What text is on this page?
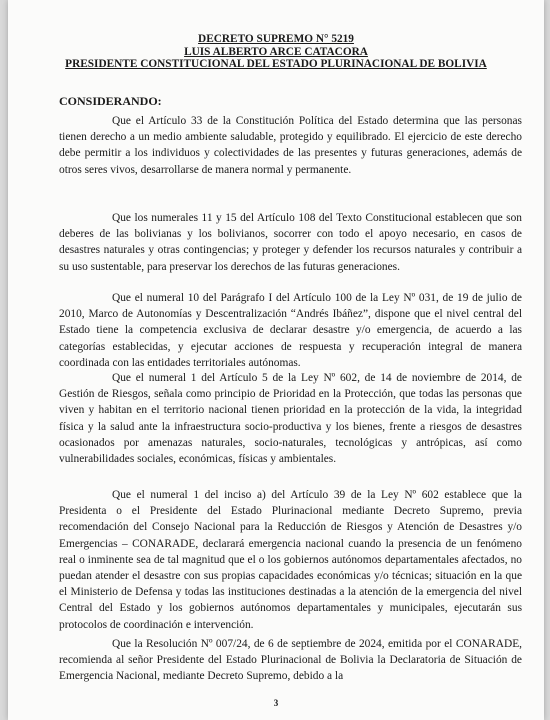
DECRETO SUPREMO N° 5219
LUIS ALBERTO ARCE CATACORA
PRESIDENTE CONSTITUCIONAL DEL ESTADO PLURINACIONAL DE BOLIVIA

CONSIDERANDO:

Que el Artículo 33 de la Constitución Política del Estado determina que las personas tienen derecho a un medio ambiente saludable, protegido y equilibrado. El ejercicio de este derecho debe permitir a los individuos y colectividades de las presentes y futuras generaciones, además de otros seres vivos, desarrollarse de manera normal y permanente.

Que los numerales 11 y 15 del Artículo 108 del Texto Constitucional establecen que son deberes de las bolivianas y los bolivianos, socorrer con todo el apoyo necesario, en casos de desastres naturales y otras contingencias; y proteger y defender los recursos naturales y contribuir a su uso sustentable, para preservar los derechos de las futuras generaciones.

Que el numeral 10 del Parágrafo I del Artículo 100 de la Ley Nº 031, de 19 de julio de 2010, Marco de Autonomías y Descentralización “Andrés Ibáñez”, dispone que el nivel central del Estado tiene la competencia exclusiva de declarar desastre y/o emergencia, de acuerdo a las categorías establecidas, y ejecutar acciones de respuesta y recuperación integral de manera coordinada con las entidades territoriales autónomas.

Que el numeral 1 del Artículo 5 de la Ley Nº 602, de 14 de noviembre de 2014, de Gestión de Riesgos, señala como principio de Prioridad en la Protección, que todas las personas que viven y habitan en el territorio nacional tienen prioridad en la protección de la vida, la integridad física y la salud ante la infraestructura socio-productiva y los bienes, frente a riesgos de desastres ocasionados por amenazas naturales, socio-naturales, tecnológicas y antrópicas, así como vulnerabilidades sociales, económicas, físicas y ambientales.

Que el numeral 1 del inciso a) del Artículo 39 de la Ley Nº 602 establece que la Presidenta o el Presidente del Estado Plurinacional mediante Decreto Supremo, previa recomendación del Consejo Nacional para la Reducción de Riesgos y Atención de Desastres y/o Emergencias – CONARADE, declarará emergencia nacional cuando la presencia de un fenómeno real o inminente sea de tal magnitud que el o los gobiernos autónomos departamentales afectados, no puedan atender el desastre con sus propias capacidades económicas y/o técnicas; situación en la que el Ministerio de Defensa y todas las instituciones destinadas a la atención de la emergencia del nivel Central del Estado y los gobiernos autónomos departamentales y municipales, ejecutarán sus protocolos de coordinación e intervención.

Que la Resolución Nº 007/24, de 6 de septiembre de 2024, emitida por el CONARADE, recomienda al señor Presidente del Estado Plurinacional de Bolivia la Declaratoria de Situación de Emergencia Nacional, mediante Decreto Supremo, debido a la

3
